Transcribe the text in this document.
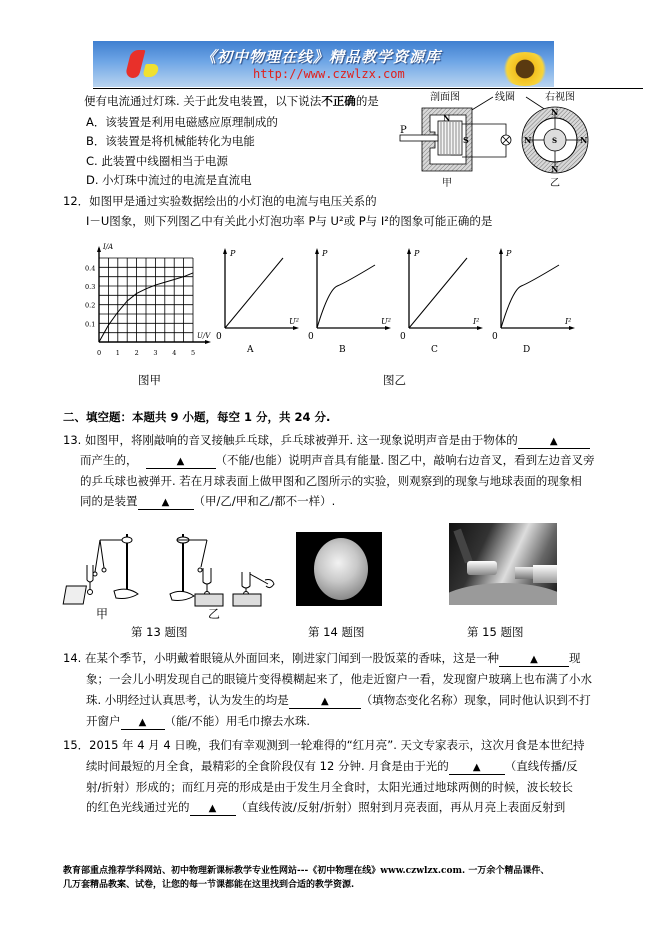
《初中物理在线》精品教学资源库
http://www.czwlzx.com
便有电流通过灯珠. 关于此发电装置，以下说法不正确的是
A．该装置是利用电磁感应原理制成的
B．该装置是将机械能转化为电能
C. 此装置中线圈相当于电源
D. 小灯珠中流过的电流是直流电
剖面图	线圈	右视图
P
N
S
N
N
N	N
S
甲	乙
12．如图甲是通过实验数据绘出的小灯泡的电流与电压关系的
I－U图象，则下列图乙中有关此小灯泡功率 P与 U²或 P与 I²的图象可能正确的是
I/A
U/V
0.1
0.2
0.3
0.4
0 1 2 3 4 5
P
U²
0
A
P
U²
0
B
P
I²
0
C
P
I²
0
D
图甲	图乙
二、填空题：本题共 9 小题，每空 1 分，共 24 分.
13. 如图甲，将刚敲响的音叉接触乒乓球，乒乓球被弹开. 这一现象说明声音是由于物体的	▲
而产生的，	▲	（不能/也能）说明声音具有能量. 图乙中，敲响右边音叉，看到左边音叉旁
的乒乓球也被弹开. 若在月球表面上做甲图和乙图所示的实验，则观察到的现象与地球表面的现象相
同的是装置 ▲ （甲/乙/甲和乙/都不一样）.
甲	乙
第 13 题图	第 14 题图	第 15 题图
14. 在某个季节，小明戴着眼镜从外面回来，刚进家门闻到一股饭菜的香味，这是一种	▲	现
象；一会儿小明发现自己的眼镜片变得模糊起来了，他走近窗户一看，发现窗户玻璃上也布满了小水
珠. 小明经过认真思考，认为发生的均是	▲	（填物态变化名称）现象，同时他认识到不打
开窗户 ▲ （能/不能）用毛巾擦去水珠.
15．2015 年 4 月 4 日晚，我们有幸观测到一轮难得的“红月亮”. 天文专家表示，这次月食是本世纪持
续时间最短的月全食，最精彩的全食阶段仅有 12 分钟. 月食是由于光的 ▲ （直线传播/反
射/折射）形成的；而红月亮的形成是由于发生月全食时，太阳光通过地球两侧的时候，波长较长
的红色光线通过光的 ▲ （直线传波/反射/折射）照射到月亮表面，再从月亮上表面反射到
教育部重点推荐学科网站、初中物理新课标教学专业性网站---《初中物理在线》www.czwlzx.com. 一万余个精品课件、
几万套精品教案、试卷，让您的每一节课都能在这里找到合适的教学资源.
